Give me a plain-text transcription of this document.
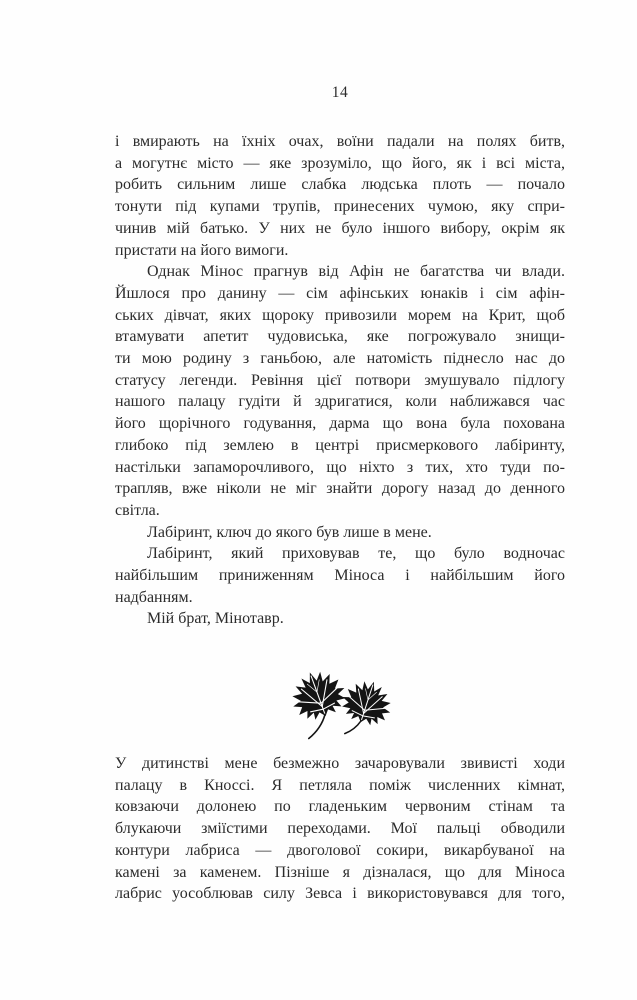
14
і вмирають на їхніх очах, воїни падали на полях битв,
а могутнє місто — яке зрозуміло, що його, як і всі міста,
робить сильним лише слабка людська плоть — почало
тонути під купами трупів, принесених чумою, яку спри-
чинив мій батько. У них не було іншого вибору, окрім як
пристати на його вимоги.
Однак Мінос прагнув від Афін не багатства чи влади.
Йшлося про данину — сім афінських юнаків і сім афін-
ських дівчат, яких щороку привозили морем на Крит, щоб
втамувати апетит чудовиська, яке погрожувало знищи-
ти мою родину з ганьбою, але натомість піднесло нас до
статусу легенди. Ревіння цієї потвори змушувало підлогу
нашого палацу гудіти й здригатися, коли наближався час
його щорічного годування, дарма що вона була похована
глибоко під землею в центрі присмеркового лабіринту,
настільки запаморочливого, що ніхто з тих, хто туди по-
трапляв, вже ніколи не міг знайти дорогу назад до денного
світла.
Лабіринт, ключ до якого був лише в мене.
Лабіринт, який приховував те, що було водночас
найбільшим приниженням Міноса і найбільшим його
надбанням.
Мій брат, Мінотавр.
У дитинстві мене безмежно зачаровували звивисті ходи
палацу в Кноссі. Я петляла поміж численних кімнат,
ковзаючи долонею по гладеньким червоним стінам та
блукаючи зміїстими переходами. Мої пальці обводили
контури лабриса — двоголової сокири, викарбуваної на
камені за каменем. Пізніше я дізналася, що для Міноса
лабрис уособлював силу Зевса і використовувався для того,
